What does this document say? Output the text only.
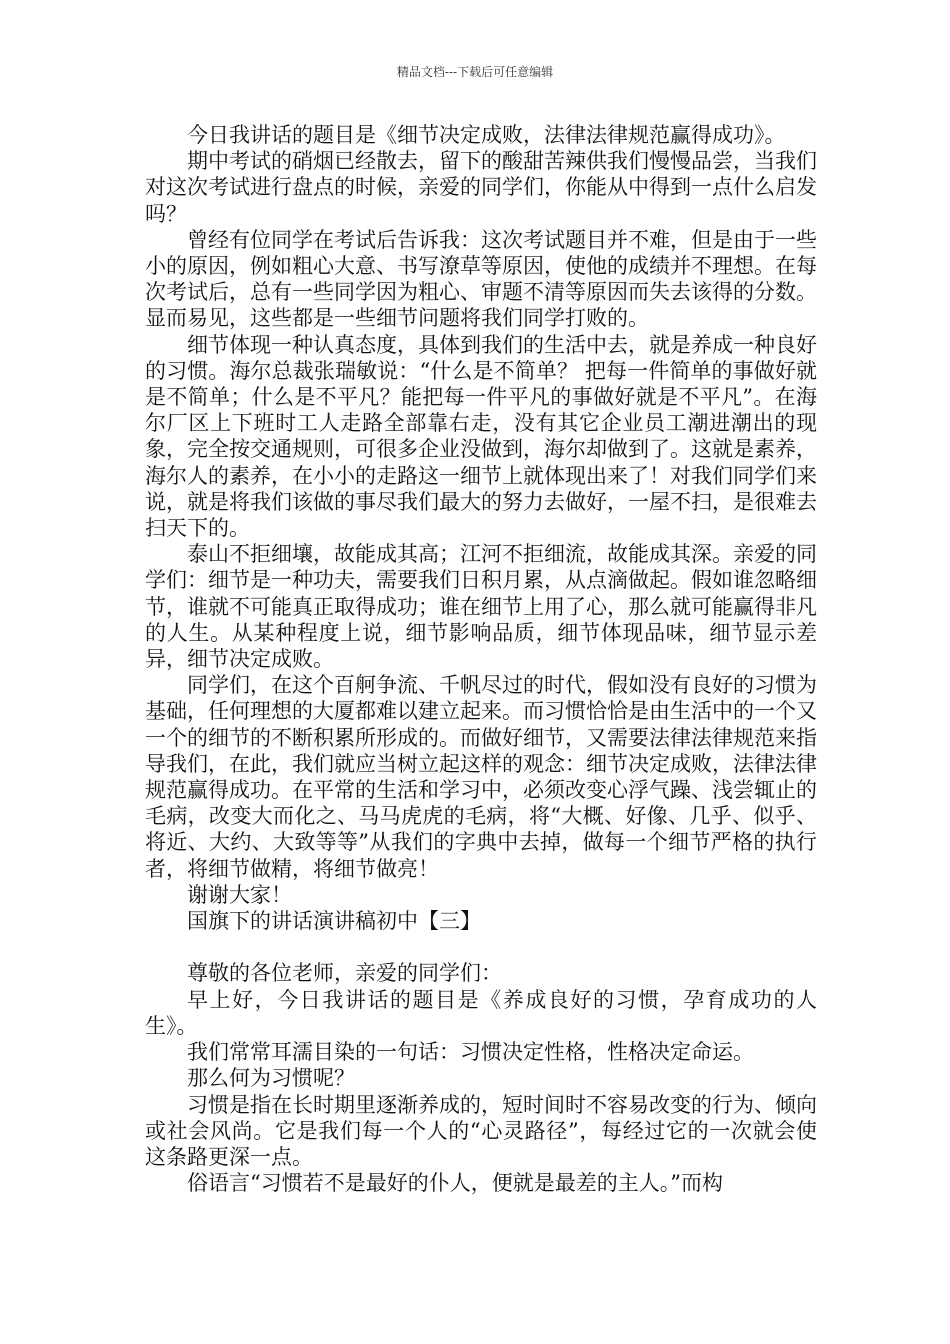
精品文档---下载后可任意编辑

今日我讲话的题目是《细节决定成败，法律法律规范赢得成功》。

期中考试的硝烟已经散去，留下的酸甜苦辣供我们慢慢品尝，当我们对这次考试进行盘点的时候，亲爱的同学们，你能从中得到一点什么启发吗？

曾经有位同学在考试后告诉我：这次考试题目并不难，但是由于一些小的原因，例如粗心大意、书写潦草等原因，使他的成绩并不理想。在每次考试后，总有一些同学因为粗心、审题不清等原因而失去该得的分数。显而易见，这些都是一些细节问题将我们同学打败的。

细节体现一种认真态度，具体到我们的生活中去，就是养成一种良好的习惯。海尔总裁张瑞敏说：“什么是不简单？ 把每一件简单的事做好就是不简单；什么是不平凡？能把每一件平凡的事做好就是不平凡”。在海尔厂区上下班时工人走路全部靠右走，没有其它企业员工潮进潮出的现象，完全按交通规则，可很多企业没做到，海尔却做到了。这就是素养，海尔人的素养，在小小的走路这一细节上就体现出来了！对我们同学们来说，就是将我们该做的事尽我们最大的努力去做好，一屋不扫，是很难去扫天下的。

泰山不拒细壤，故能成其高；江河不拒细流，故能成其深。亲爱的同学们：细节是一种功夫，需要我们日积月累，从点滴做起。假如谁忽略细节，谁就不可能真正取得成功；谁在细节上用了心，那么就可能赢得非凡的人生。从某种程度上说，细节影响品质，细节体现品味，细节显示差异，细节决定成败。

同学们，在这个百舸争流、千帆尽过的时代，假如没有良好的习惯为基础，任何理想的大厦都难以建立起来。而习惯恰恰是由生活中的一个又一个的细节的不断积累所形成的。而做好细节，又需要法律法律规范来指导我们，在此，我们就应当树立起这样的观念：细节决定成败，法律法律规范赢得成功。在平常的生活和学习中，必须改变心浮气躁、浅尝辄止的毛病，改变大而化之、马马虎虎的毛病，将“大概、好像、几乎、似乎、将近、大约、大致等等”从我们的字典中去掉，做每一个细节严格的执行者，将细节做精，将细节做亮！

谢谢大家！

国旗下的讲话演讲稿初中【三】

尊敬的各位老师，亲爱的同学们：

早上好，今日我讲话的题目是《养成良好的习惯，孕育成功的人生》。

我们常常耳濡目染的一句话：习惯决定性格，性格决定命运。

那么何为习惯呢？

习惯是指在长时期里逐渐养成的，短时间时不容易改变的行为、倾向或社会风尚。它是我们每一个人的“心灵路径”，每经过它的一次就会使这条路更深一点。

俗语言“习惯若不是最好的仆人，便就是最差的主人。”而构
